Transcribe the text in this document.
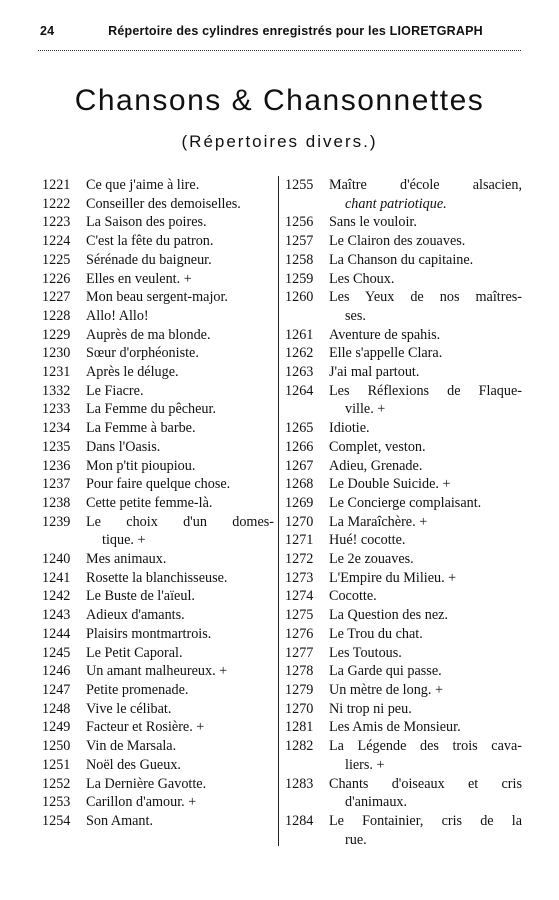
24	Répertoire des cylindres enregistrés pour les LIORETGRAPH
Chansons & Chansonnettes
(Répertoires divers.)
1221	Ce que j'aime à lire.
1222	Conseiller des demoiselles.
1223	La Saison des poires.
1224	C'est la fête du patron.
1225	Sérénade du baigneur.
1226	Elles en veulent. +
1227	Mon beau sergent-major.
1228	Allo! Allo!
1229	Auprès de ma blonde.
1230	Sœur d'orphéoniste.
1231	Après le déluge.
1332	Le Fiacre.
1233	La Femme du pêcheur.
1234	La Femme à barbe.
1235	Dans l'Oasis.
1236	Mon p'tit pioupiou.
1237	Pour faire quelque chose.
1238	Cette petite femme-là.
1239	Le choix d'un domes-
tique. +
1240	Mes animaux.
1241	Rosette la blanchisseuse.
1242	Le Buste de l'aïeul.
1243	Adieux d'amants.
1244	Plaisirs montmartrois.
1245	Le Petit Caporal.
1246	Un amant malheureux. +
1247	Petite promenade.
1248	Vive le célibat.
1249	Facteur et Rosière. +
1250	Vin de Marsala.
1251	Noël des Gueux.
1252	La Dernière Gavotte.
1253	Carillon d'amour. +
1254	Son Amant.
1255	Maître d'école alsacien,
chant patriotique.
1256	Sans le vouloir.
1257	Le Clairon des zouaves.
1258	La Chanson du capitaine.
1259	Les Choux.
1260	Les Yeux de nos maîtres-
ses.
1261	Aventure de spahis.
1262	Elle s'appelle Clara.
1263	J'ai mal partout.
1264	Les Réflexions de Flaque-
ville. +
1265	Idiotie.
1266	Complet, veston.
1267	Adieu, Grenade.
1268	Le Double Suicide. +
1269	Le Concierge complaisant.
1270	La Maraîchère. +
1271	Hué! cocotte.
1272	Le 2e zouaves.
1273	L'Empire du Milieu. +
1274	Cocotte.
1275	La Question des nez.
1276	Le Trou du chat.
1277	Les Toutous.
1278	La Garde qui passe.
1279	Un mètre de long. +
1270	Ni trop ni peu.
1281	Les Amis de Monsieur.
1282	La Légende des trois cava-
liers. +
1283	Chants d'oiseaux et cris
d'animaux.
1284	Le Fontainier, cris de la
rue.
